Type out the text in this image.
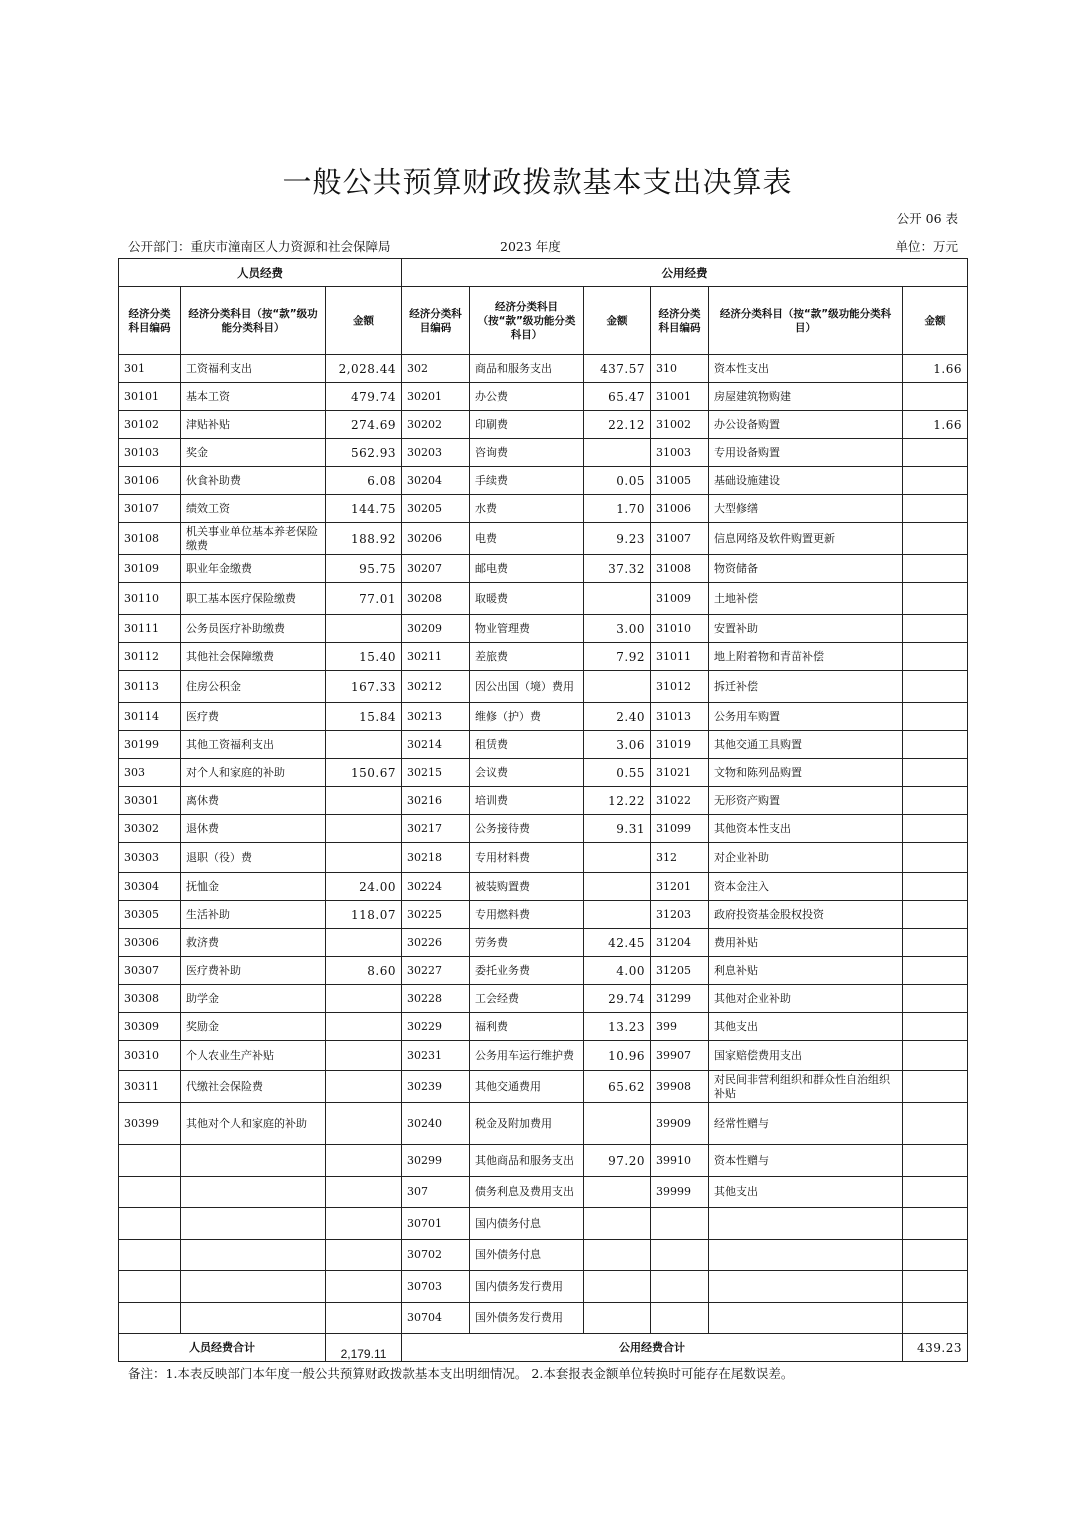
一般公共预算财政拨款基本支出决算表
公开 06 表
公开部门：重庆市潼南区人力资源和社会保障局	2023 年度	单位：万元
人员经费			公用经费					
经济分类科目编码	经济分类科目（按“款”级功能分类科目）	金额	经济分类科目编码	经济分类科目（按“款”级功能分类科目）	金额	经济分类科目编码	经济分类科目（按“款”级功能分类科目）	金额
301	工资福利支出	2,028.44	302	商品和服务支出	437.57	310	资本性支出	1.66
30101	基本工资	479.74	30201	办公费	65.47	31001	房屋建筑物购建	
30102	津贴补贴	274.69	30202	印刷费	22.12	31002	办公设备购置	1.66
30103	奖金	562.93	30203	咨询费		31003	专用设备购置	
30106	伙食补助费	6.08	30204	手续费	0.05	31005	基础设施建设	
30107	绩效工资	144.75	30205	水费	1.70	31006	大型修缮	
30108	机关事业单位基本养老保险缴费	188.92	30206	电费	9.23	31007	信息网络及软件购置更新	
30109	职业年金缴费	95.75	30207	邮电费	37.32	31008	物资储备	
30110	职工基本医疗保险缴费	77.01	30208	取暖费		31009	土地补偿	
30111	公务员医疗补助缴费		30209	物业管理费	3.00	31010	安置补助	
30112	其他社会保障缴费	15.40	30211	差旅费	7.92	31011	地上附着物和青苗补偿	
30113	住房公积金	167.33	30212	因公出国（境）费用		31012	拆迁补偿	
30114	医疗费	15.84	30213	维修（护）费	2.40	31013	公务用车购置	
30199	其他工资福利支出		30214	租赁费	3.06	31019	其他交通工具购置	
303	对个人和家庭的补助	150.67	30215	会议费	0.55	31021	文物和陈列品购置	
30301	离休费		30216	培训费	12.22	31022	无形资产购置	
30302	退休费		30217	公务接待费	9.31	31099	其他资本性支出	
30303	退职（役）费		30218	专用材料费		312	对企业补助	
30304	抚恤金	24.00	30224	被装购置费		31201	资本金注入	
30305	生活补助	118.07	30225	专用燃料费		31203	政府投资基金股权投资	
30306	救济费		30226	劳务费	42.45	31204	费用补贴	
30307	医疗费补助	8.60	30227	委托业务费	4.00	31205	利息补贴	
30308	助学金		30228	工会经费	29.74	31299	其他对企业补助	
30309	奖励金		30229	福利费	13.23	399	其他支出	
30310	个人农业生产补贴		30231	公务用车运行维护费	10.96	39907	国家赔偿费用支出	
30311	代缴社会保险费		30239	其他交通费用	65.62	39908	对民间非营利组织和群众性自治组织补贴	
30399	其他对个人和家庭的补助		30240	税金及附加费用		39909	经常性赠与	
			30299	其他商品和服务支出	97.20	39910	资本性赠与	
			307	债务利息及费用支出		39999	其他支出	
			30701	国内债务付息				
			30702	国外债务付息				
			30703	国内债务发行费用				
			30704	国外债务发行费用				
人员经费合计		2,179.11	公用经费合计					439.23
备注：1.本表反映部门本年度一般公共预算财政拨款基本支出明细情况。 2.本套报表金额单位转换时可能存在尾数误差。
